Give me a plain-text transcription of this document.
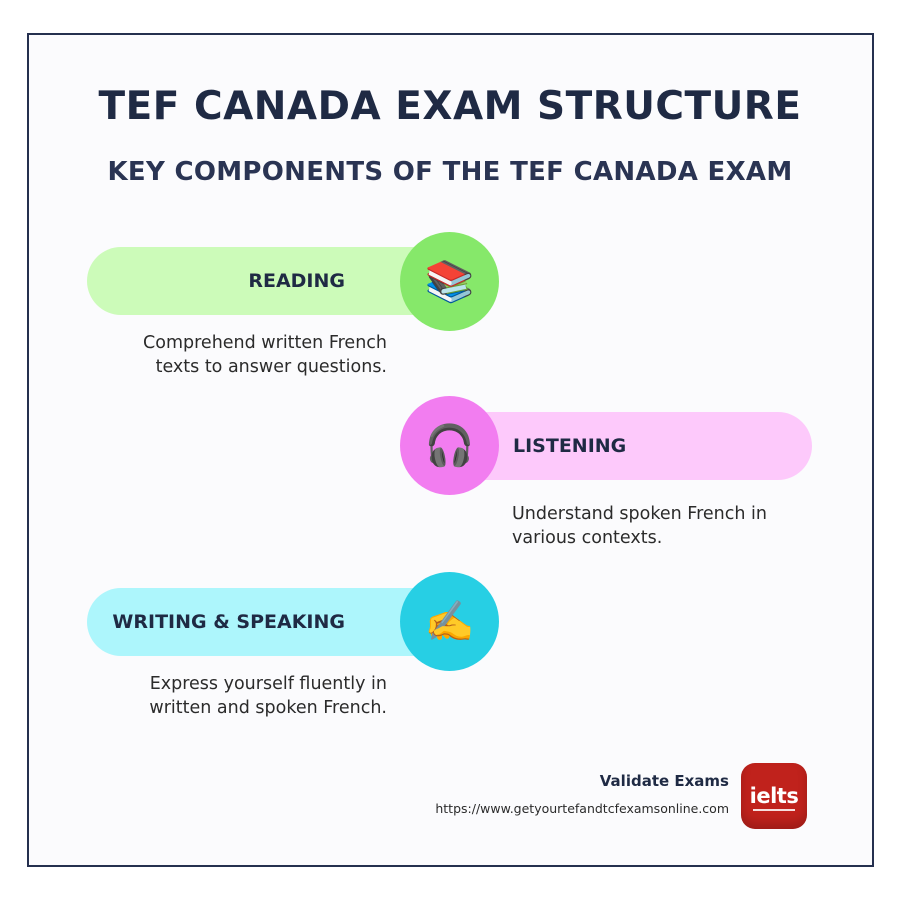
TEF CANADA EXAM STRUCTURE
KEY COMPONENTS OF THE TEF CANADA EXAM
READING	📚
Comprehend written French
texts to answer questions.
LISTENING
🎧
Understand spoken French in
various contexts.
WRITING & SPEAKING	✍️
Express yourself fluently in
written and spoken French.
Validate Exams
https://www.getyourtefandtcfexamsonline.com
ielts
